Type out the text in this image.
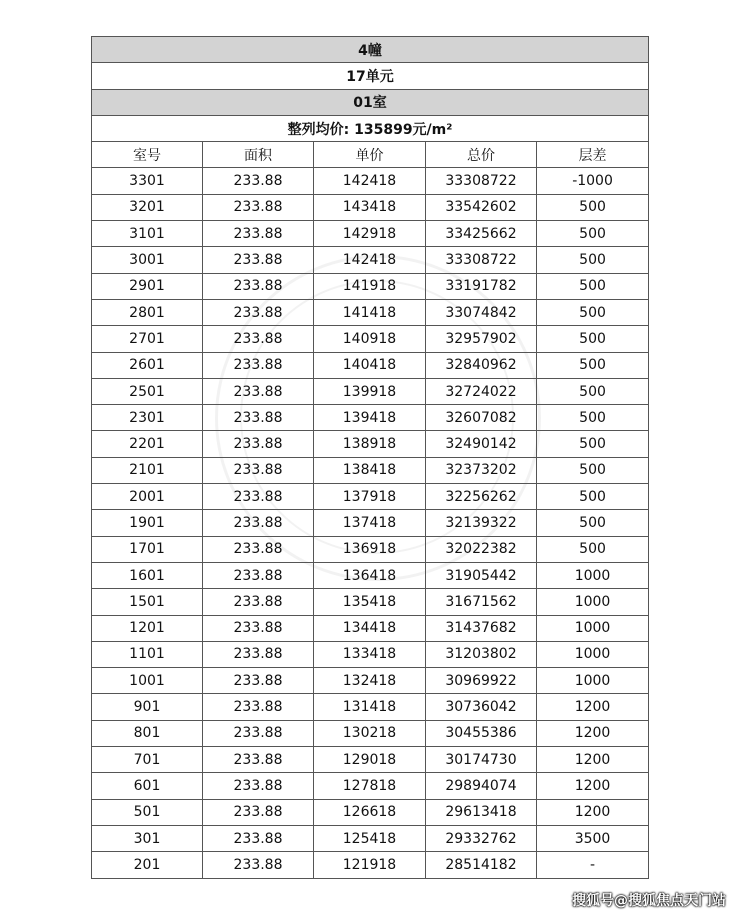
4幢				
17单元				
01室				
整列均价: 135899元/m²				
室号	面积	单价	总价	层差
3301	233.88	142418	33308722	-1000
3201	233.88	143418	33542602	500
3101	233.88	142918	33425662	500
3001	233.88	142418	33308722	500
2901	233.88	141918	33191782	500
2801	233.88	141418	33074842	500
2701	233.88	140918	32957902	500
2601	233.88	140418	32840962	500
2501	233.88	139918	32724022	500
2301	233.88	139418	32607082	500
2201	233.88	138918	32490142	500
2101	233.88	138418	32373202	500
2001	233.88	137918	32256262	500
1901	233.88	137418	32139322	500
1701	233.88	136918	32022382	500
1601	233.88	136418	31905442	1000
1501	233.88	135418	31671562	1000
1201	233.88	134418	31437682	1000
1101	233.88	133418	31203802	1000
1001	233.88	132418	30969922	1000
901	233.88	131418	30736042	1200
801	233.88	130218	30455386	1200
701	233.88	129018	30174730	1200
601	233.88	127818	29894074	1200
501	233.88	126618	29613418	1200
301	233.88	125418	29332762	3500
201	233.88	121918	28514182	-
搜狐号@搜狐焦点天门站
